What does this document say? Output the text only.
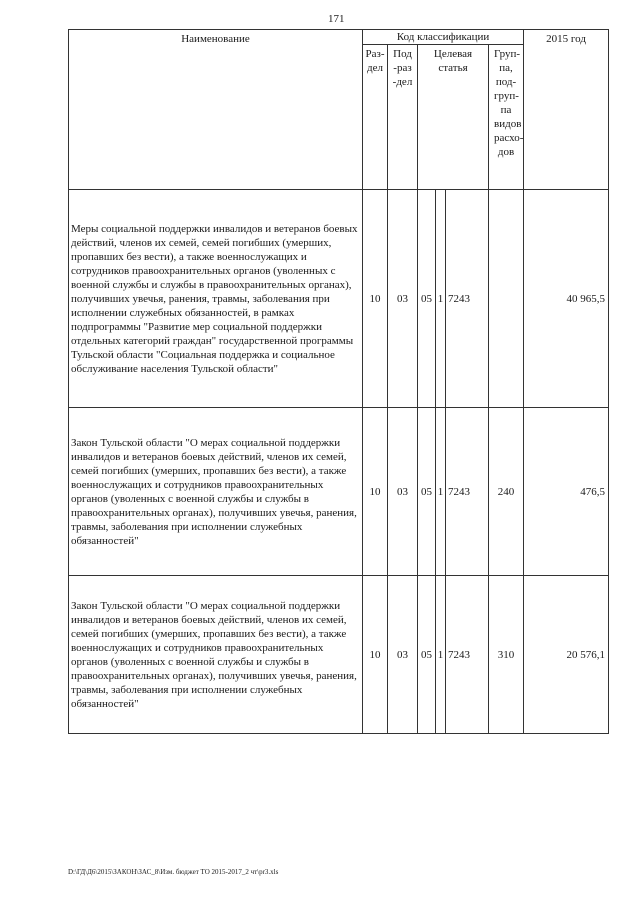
171
Наименование	Код классификации						2015 год
	Раз-дел	Под-раз-дел	Целевая статья			Груп-па, под-груп-па видов расхо-дов	
Меры социальной поддержки инвалидов и ветеранов боевых действий, членов их семей, семей погибших (умерших, пропавших без вести), а также военнослужащих и сотрудников правоохранительных органов (уволенных с военной службы и службы в правоохранительных органах), получивших увечья, ранения, травмы, заболевания при исполнении служебных обязанностей, в рамках подпрограммы "Развитие мер социальной поддержки отдельных категорий граждан" государственной программы Тульской области "Социальная поддержка и социальное обслуживание населения Тульской области"	10	03	05	1	7243		40 965,5
Закон Тульской области "О мерах социальной поддержки инвалидов и ветеранов боевых действий, членов их семей, семей погибших (умерших, пропавших без вести), а также военнослужащих и сотрудников правоохранительных органов (уволенных с военной службы и службы в правоохранительных органах), получивших увечья, ранения, травмы, заболевания при исполнении служебных обязанностей"	10	03	05	1	7243	240	476,5
Закон Тульской области "О мерах социальной поддержки инвалидов и ветеранов боевых действий, членов их семей, семей погибших (умерших, пропавших без вести), а также военнослужащих и сотрудников правоохранительных органов (уволенных с военной службы и службы в правоохранительных органах), получивших увечья, ранения, травмы, заболевания при исполнении служебных обязанностей"	10	03	05	1	7243	310	20 576,1
D:\ГД\Д6\2015\ЗАКОН\ЗАС_8\Изм. бюджет ТО 2015-2017_2 чт\pr3.xls
